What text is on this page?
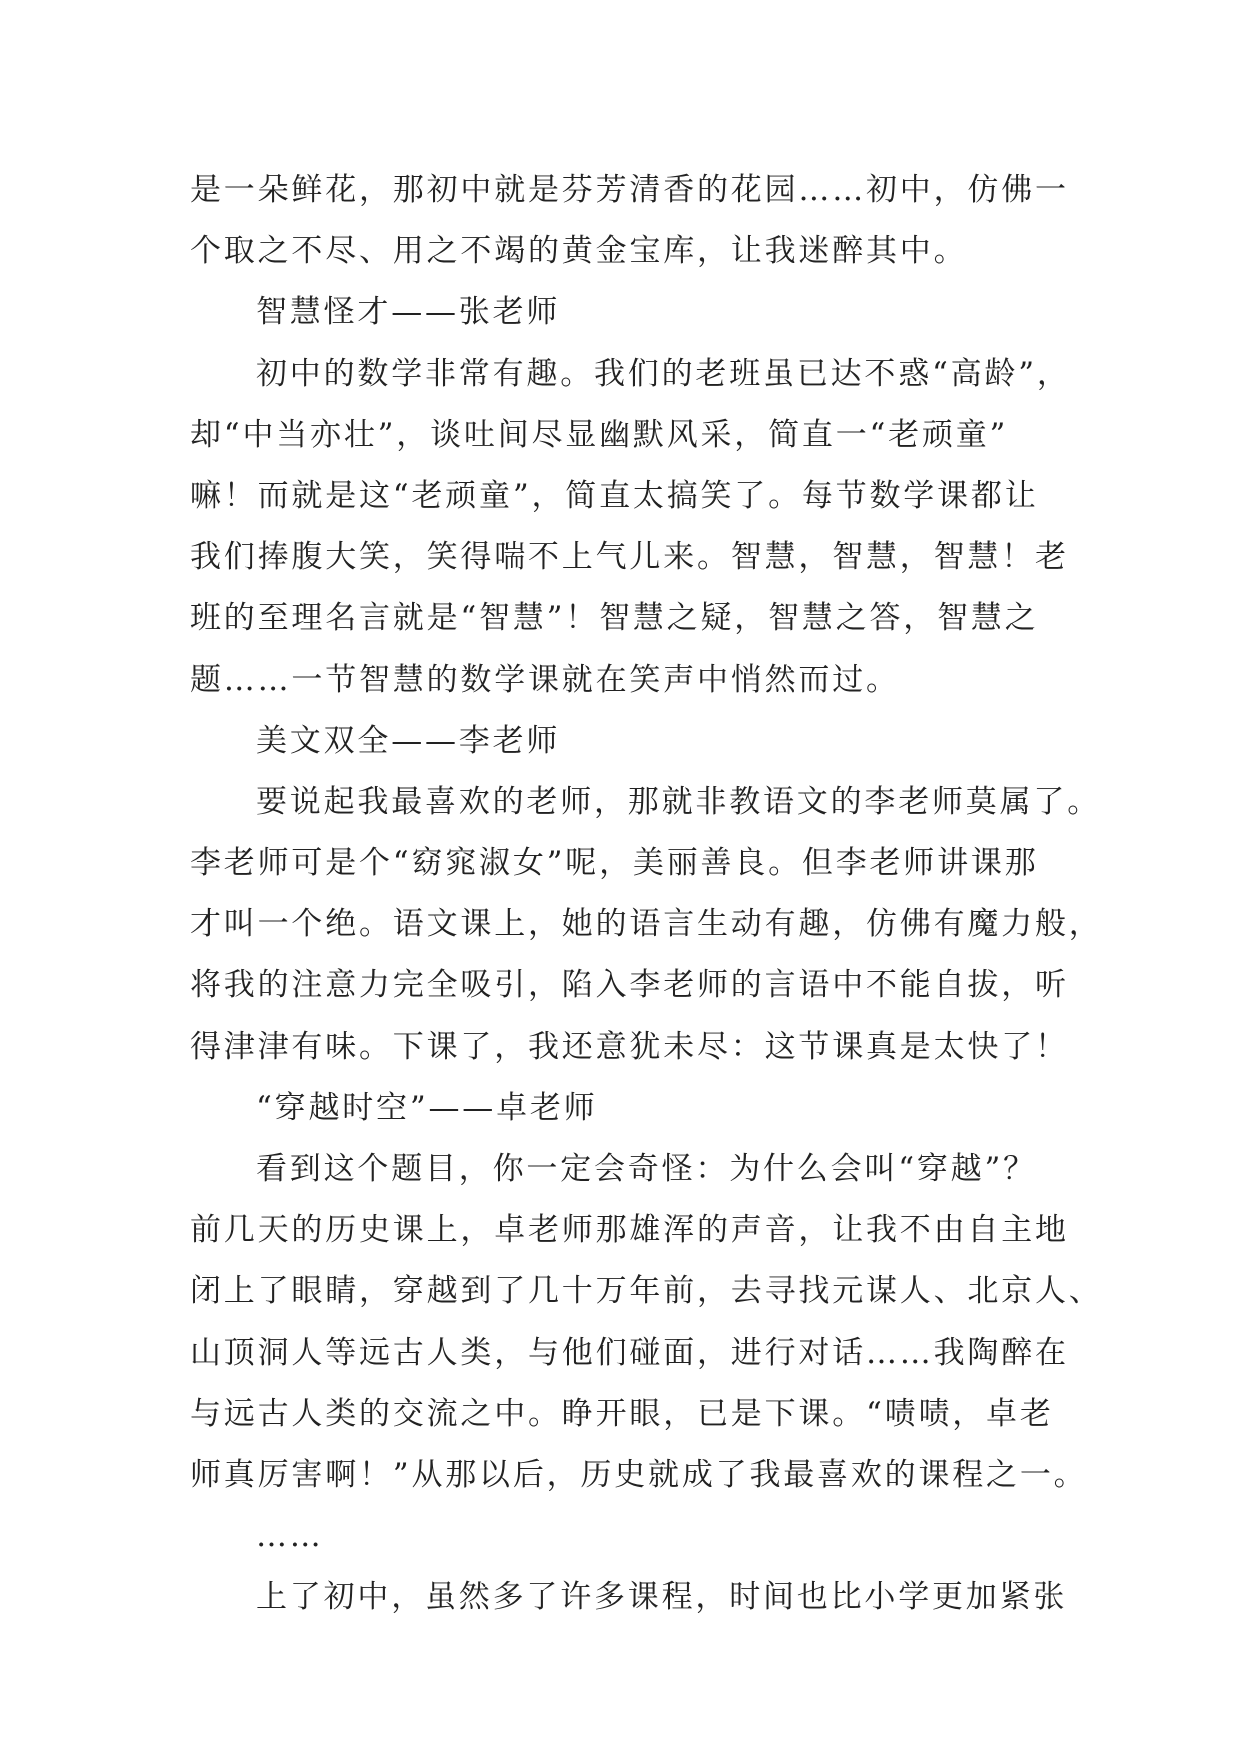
是一朵鲜花，那初中就是芬芳清香的花园……初中，仿佛一
个取之不尽、用之不竭的黄金宝库，让我迷醉其中。
智慧怪才——张老师
初中的数学非常有趣。我们的老班虽已达不惑“高龄”，
却“中当亦壮”，谈吐间尽显幽默风采，简直一“老顽童”
嘛！而就是这“老顽童”，简直太搞笑了。每节数学课都让
我们捧腹大笑，笑得喘不上气儿来。智慧，智慧，智慧！老
班的至理名言就是“智慧”！智慧之疑，智慧之答，智慧之
题……一节智慧的数学课就在笑声中悄然而过。
美文双全——李老师
要说起我最喜欢的老师，那就非教语文的李老师莫属了。
李老师可是个“窈窕淑女”呢，美丽善良。但李老师讲课那
才叫一个绝。语文课上，她的语言生动有趣，仿佛有魔力般，
将我的注意力完全吸引，陷入李老师的言语中不能自拔，听
得津津有味。下课了，我还意犹未尽：这节课真是太快了！
“穿越时空”——卓老师
看到这个题目，你一定会奇怪：为什么会叫“穿越”？
前几天的历史课上，卓老师那雄浑的声音，让我不由自主地
闭上了眼睛，穿越到了几十万年前，去寻找元谋人、北京人、
山顶洞人等远古人类，与他们碰面，进行对话……我陶醉在
与远古人类的交流之中。睁开眼，已是下课。“啧啧，卓老
师真厉害啊！”从那以后，历史就成了我最喜欢的课程之一。
……
上了初中，虽然多了许多课程，时间也比小学更加紧张
